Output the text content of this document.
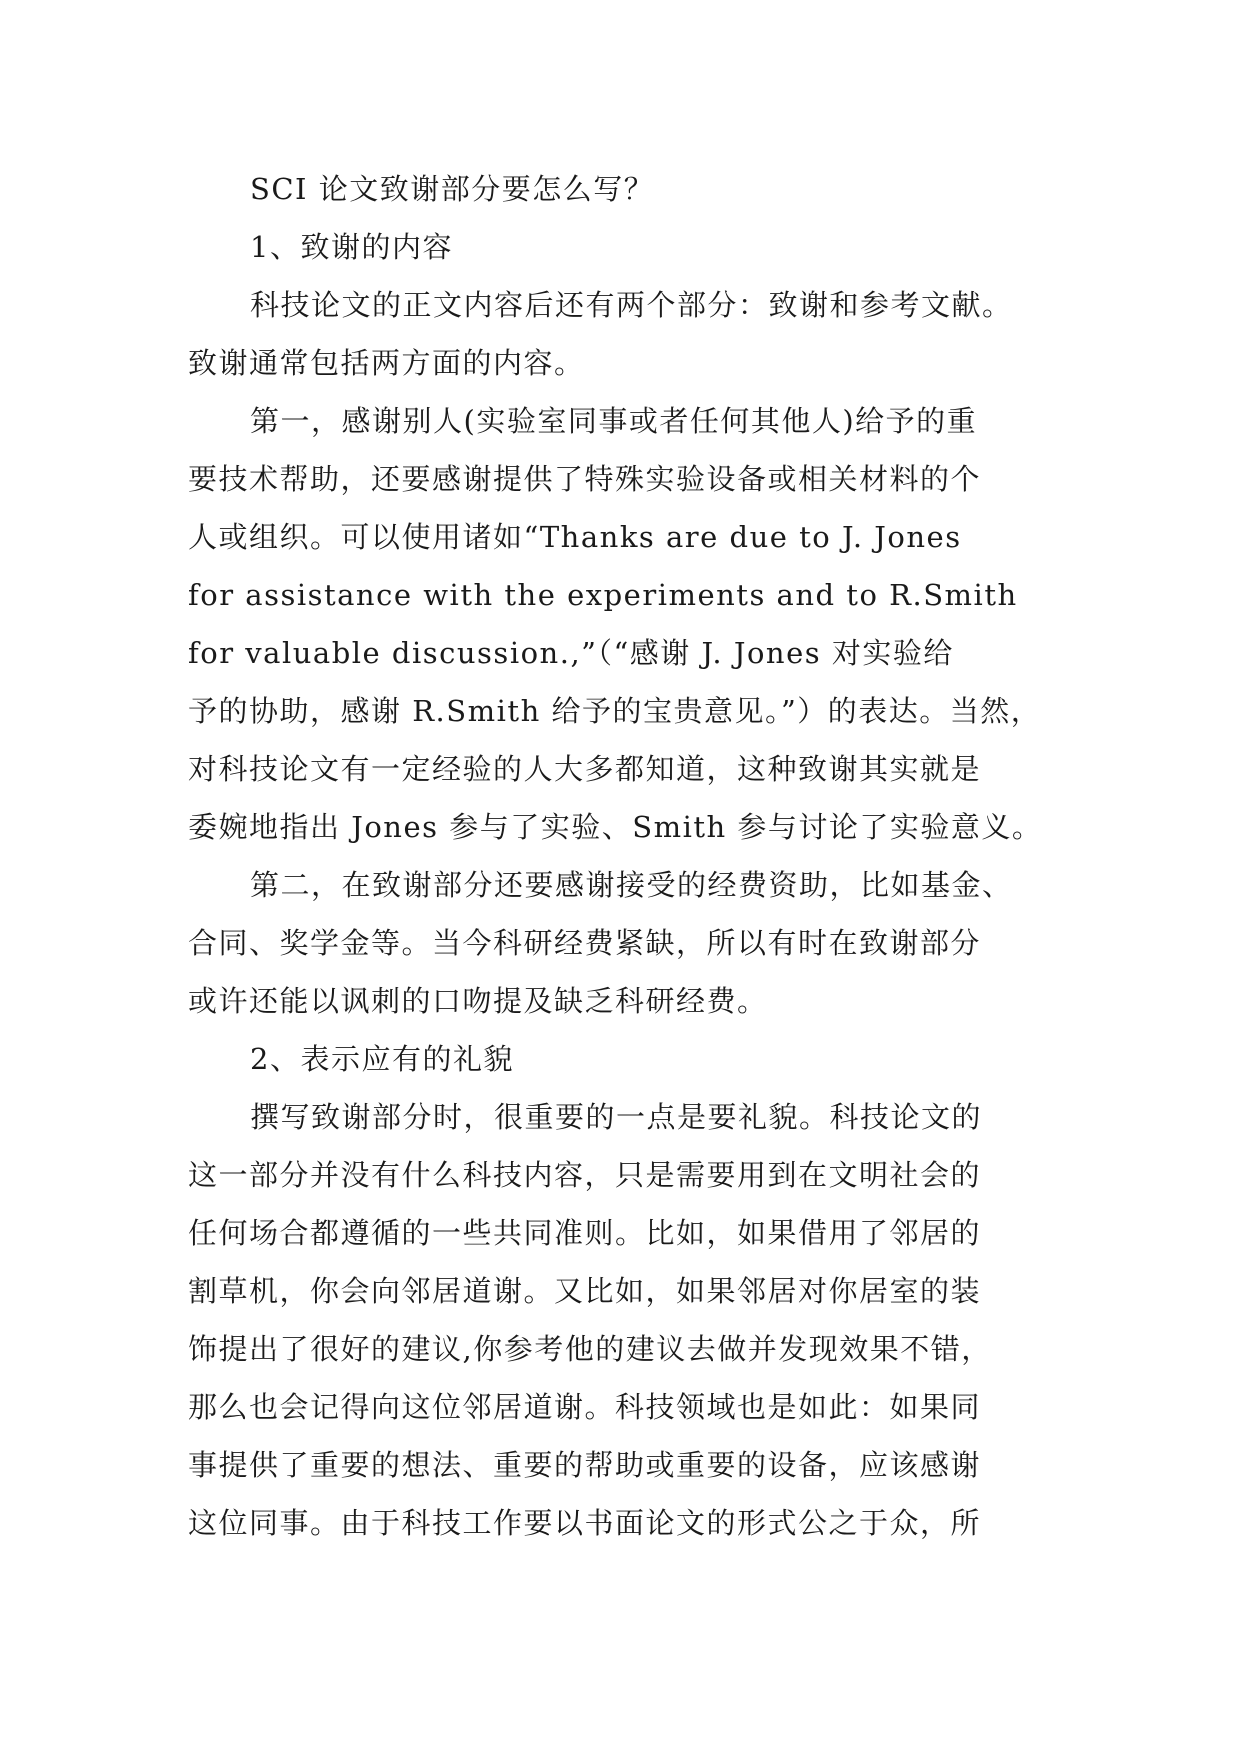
SCI 论文致谢部分要怎么写？
1、致谢的内容
科技论文的正文内容后还有两个部分：致谢和参考文献。
致谢通常包括两方面的内容。
第一，感谢别人(实验室同事或者任何其他人)给予的重
要技术帮助，还要感谢提供了特殊实验设备或相关材料的个
人或组织。可以使用诸如“Thanks are due to J. Jones
for assistance with the experiments and to R.Smith
for valuable discussion.,”（“感谢 J. Jones 对实验给
予的协助，感谢 R.Smith 给予的宝贵意见。”）的表达。当然，
对科技论文有一定经验的人大多都知道，这种致谢其实就是
委婉地指出 Jones 参与了实验、Smith 参与讨论了实验意义。
第二，在致谢部分还要感谢接受的经费资助，比如基金、
合同、奖学金等。当今科研经费紧缺，所以有时在致谢部分
或许还能以讽刺的口吻提及缺乏科研经费。
2、表示应有的礼貌
撰写致谢部分时，很重要的一点是要礼貌。科技论文的
这一部分并没有什么科技内容，只是需要用到在文明社会的
任何场合都遵循的一些共同准则。比如，如果借用了邻居的
割草机，你会向邻居道谢。又比如，如果邻居对你居室的装
饰提出了很好的建议,你参考他的建议去做并发现效果不错，
那么也会记得向这位邻居道谢。科技领域也是如此：如果同
事提供了重要的想法、重要的帮助或重要的设备，应该感谢
这位同事。由于科技工作要以书面论文的形式公之于众，所
